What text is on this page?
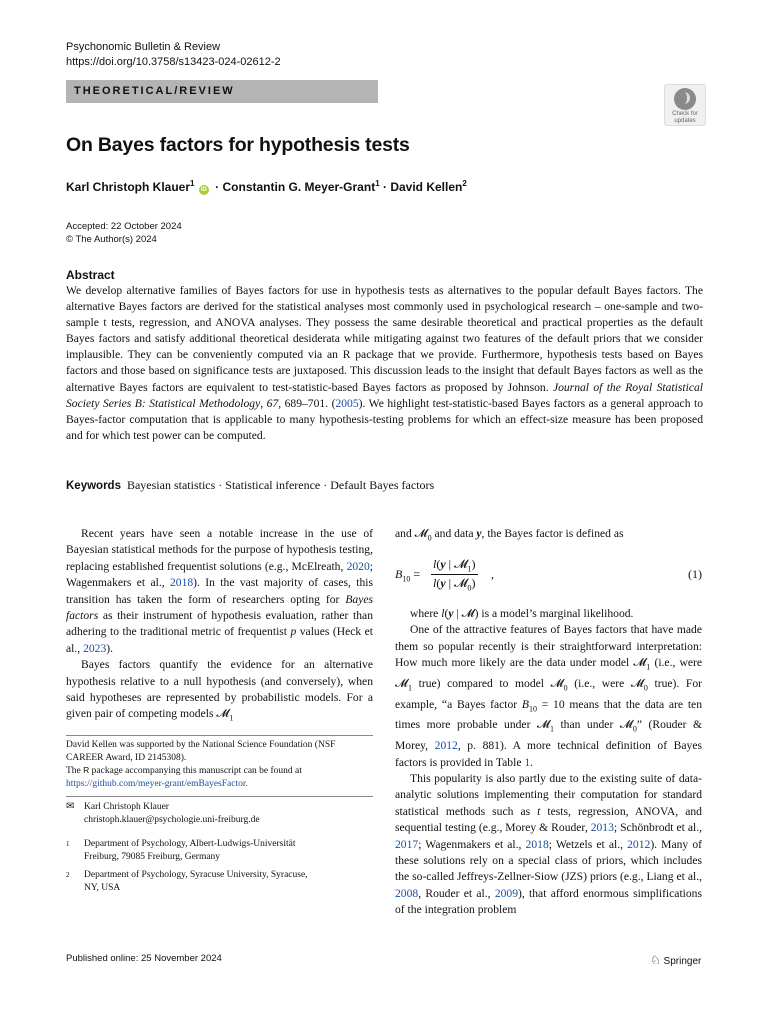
Psychonomic Bulletin & Review
https://doi.org/10.3758/s13423-024-02612-2
THEORETICAL/REVIEW
Check for
updates
On Bayes factors for hypothesis tests
Karl Christoph Klauer$^1$ iD · Constantin G. Meyer-Grant$^1$ · David Kellen$^2$
Accepted: 22 October 2024
© The Author(s) 2024
Abstract
We develop alternative families of Bayes factors for use in hypothesis tests as alternatives to the popular default Bayes factors. The alternative Bayes factors are derived for the statistical analyses most commonly used in psychological research – one-sample and two-sample t tests, regression, and ANOVA analyses. They possess the same desirable theoretical and practical properties as the default Bayes factors and satisfy additional theoretical desiderata while mitigating against two features of the default priors that we consider implausible. They can be conveniently computed via an R package that we provide. Furthermore, hypothesis tests based on Bayes factors and those based on significance tests are juxtaposed. This discussion leads to the insight that default Bayes factors as well as the alternative Bayes factors are equivalent to test-statistic-based Bayes factors as proposed by Johnson. Journal of the Royal Statistical Society Series B: Statistical Methodology, 67, 689–701. (2005). We highlight test-statistic-based Bayes factors as a general approach to Bayes-factor computation that is applicable to many hypothesis-testing problems for which an effect-size measure has been proposed and for which test power can be computed.
Keywords Bayesian statistics · Statistical inference · Default Bayes factors

Recent years have seen a notable increase in the use of Bayesian statistical methods for the purpose of hypothesis testing, replacing established frequentist solutions (e.g., McElreath, 2020; Wagenmakers et al., 2018). In the vast majority of cases, this transition has taken the form of researchers opting for Bayes factors as their instrument of hypothesis evaluation, rather than adhering to the traditional metric of frequentist p values (Heck et al., 2023).

Bayes factors quantify the evidence for an alternative hypothesis relative to a null hypothesis (and conversely), when said hypotheses are represented by probabilistic models. For a given pair of competing models 𝓜$_1$

David Kellen was supported by the National Science Foundation (NSF CAREER Award, ID 2145308).
The R package accompanying this manuscript can be found at
https://github.com/meyer-grant/emBayesFactor.
✉ Karl Christoph Klauer
christoph.klauer@psychologie.uni-freiburg.de
1 Department of Psychology, Albert-Ludwigs-Universität
Freiburg, 79085 Freiburg, Germany
2 Department of Psychology, Syracuse University, Syracuse,
NY, USA
and 𝓜$_0$ and data y, the Bayes factor is defined as
$B_{10}$ =
l(y | 𝓜$_1$)
l(y | 𝓜$_0$)
,	(1)

where l(y | 𝓜) is a model’s marginal likelihood.

One of the attractive features of Bayes factors that have made them so popular recently is their straightforward interpretation: How much more likely are the data under model 𝓜$_1$ (i.e., were 𝓜$_1$ true) compared to model 𝓜$_0$ (i.e., were 𝓜$_0$ true). For example, “a Bayes factor $B_{10} = 10$ means that the data are ten times more probable under 𝓜$_1$ than under 𝓜$_0$” (Rouder & Morey, 2012, p. 881). A more technical definition of Bayes factors is provided in Table 1.

This popularity is also partly due to the existing suite of data-analytic solutions implementing their computation for standard statistical methods such as t tests, regression, ANOVA, and sequential testing (e.g., Morey & Rouder, 2013; Schönbrodt et al., 2017; Wagenmakers et al., 2018; Wetzels et al., 2012). Many of these solutions rely on a special class of priors, which includes the so-called Jeffreys-Zellner-Siow (JZS) priors (e.g., Liang et al., 2008, Rouder et al., 2009), that afford enormous simplifications of the integration problem

Published online: 25 November 2024	♘ Springer
